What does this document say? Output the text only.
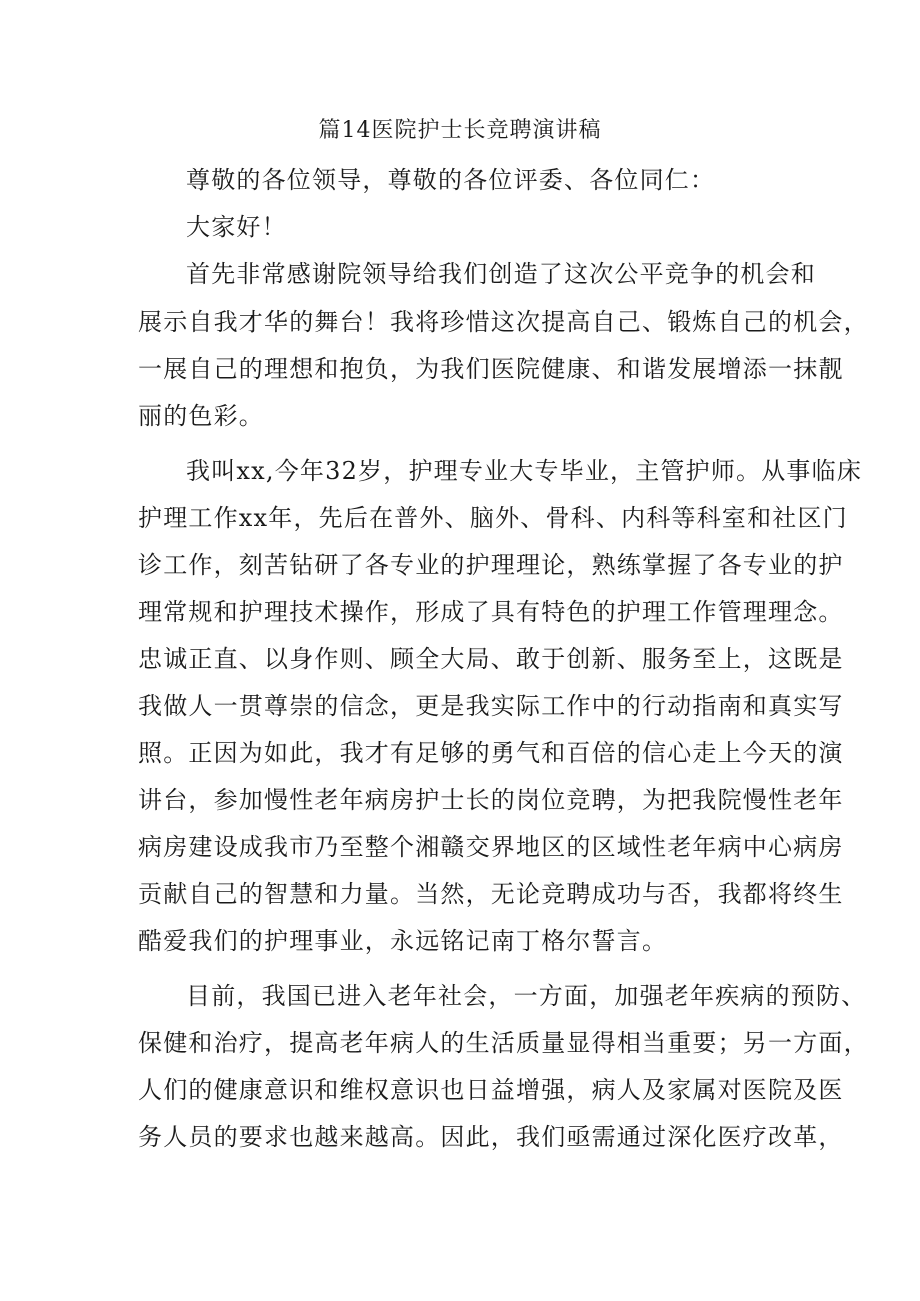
篇14医院护士长竞聘演讲稿
尊敬的各位领导，尊敬的各位评委、各位同仁：
大家好！
首先非常感谢院领导给我们创造了这次公平竞争的机会和
展示自我才华的舞台！我将珍惜这次提高自己、锻炼自己的机会，
一展自己的理想和抱负，为我们医院健康、和谐发展增添一抹靓
丽的色彩。
我叫xx,今年32岁，护理专业大专毕业，主管护师。从事临床
护理工作xx年，先后在普外、脑外、骨科、内科等科室和社区门
诊工作，刻苦钻研了各专业的护理理论，熟练掌握了各专业的护
理常规和护理技术操作，形成了具有特色的护理工作管理理念。
忠诚正直、以身作则、顾全大局、敢于创新、服务至上，这既是
我做人一贯尊崇的信念，更是我实际工作中的行动指南和真实写
照。正因为如此，我才有足够的勇气和百倍的信心走上今天的演
讲台，参加慢性老年病房护士长的岗位竞聘，为把我院慢性老年
病房建设成我市乃至整个湘赣交界地区的区域性老年病中心病房
贡献自己的智慧和力量。当然，无论竞聘成功与否，我都将终生
酷爱我们的护理事业，永远铭记南丁格尔誓言。
目前，我国已进入老年社会，一方面，加强老年疾病的预防、
保健和治疗，提高老年病人的生活质量显得相当重要；另一方面，
人们的健康意识和维权意识也日益增强，病人及家属对医院及医
务人员的要求也越来越高。因此，我们亟需通过深化医疗改革，
